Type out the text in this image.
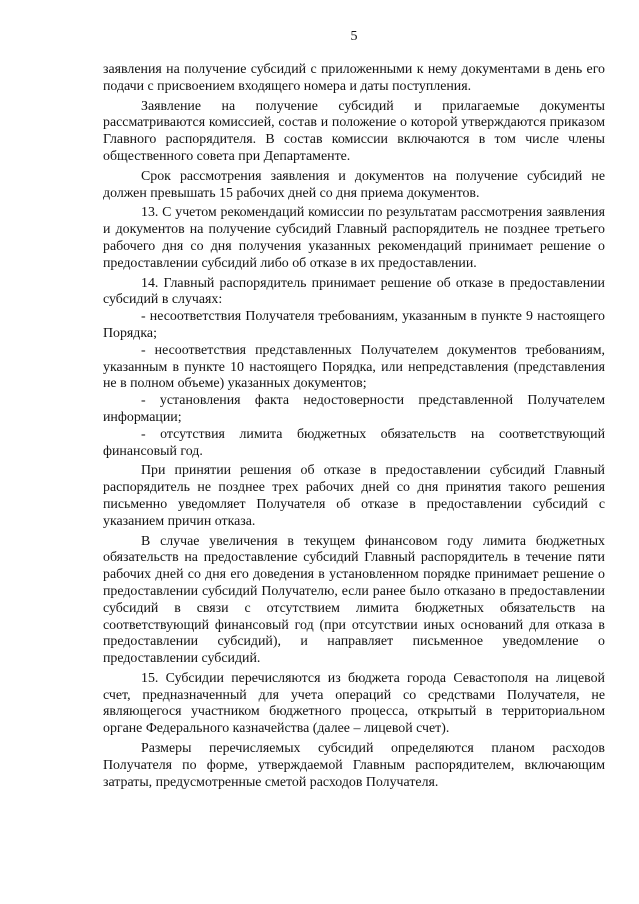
5

заявления на получение субсидий с приложенными к нему документами в день его подачи с присвоением входящего номера и даты поступления.

Заявление на получение субсидий и прилагаемые документы рассматриваются комиссией, состав и положение о которой утверждаются приказом Главного распорядителя. В состав комиссии включаются в том числе члены общественного совета при Департаменте.

Срок рассмотрения заявления и документов на получение субсидий не должен превышать 15 рабочих дней со дня приема документов.

13. С учетом рекомендаций комиссии по результатам рассмотрения заявления и документов на получение субсидий Главный распорядитель не позднее третьего рабочего дня со дня получения указанных рекомендаций принимает решение о предоставлении субсидий либо об отказе в их предоставлении.

14. Главный распорядитель принимает решение об отказе в предоставлении субсидий в случаях:

- несоответствия Получателя требованиям, указанным в пункте 9 настоящего Порядка;

- несоответствия представленных Получателем документов требованиям, указанным в пункте 10 настоящего Порядка, или непредставления (представления не в полном объеме) указанных документов;

- установления факта недостоверности представленной Получателем информации;

- отсутствия лимита бюджетных обязательств на соответствующий финансовый год.

При принятии решения об отказе в предоставлении субсидий Главный распорядитель не позднее трех рабочих дней со дня принятия такого решения письменно уведомляет Получателя об отказе в предоставлении субсидий с указанием причин отказа.

В случае увеличения в текущем финансовом году лимита бюджетных обязательств на предоставление субсидий Главный распорядитель в течение пяти рабочих дней со дня его доведения в установленном порядке принимает решение о предоставлении субсидий Получателю, если ранее было отказано в предоставлении субсидий в связи с отсутствием лимита бюджетных обязательств на соответствующий финансовый год (при отсутствии иных оснований для отказа в предоставлении субсидий), и направляет письменное уведомление о предоставлении субсидий.

15. Субсидии перечисляются из бюджета города Севастополя на лицевой счет, предназначенный для учета операций со средствами Получателя, не являющегося участником бюджетного процесса, открытый в территориальном органе Федерального казначейства (далее – лицевой счет).

Размеры перечисляемых субсидий определяются планом расходов Получателя по форме, утверждаемой Главным распорядителем, включающим затраты, предусмотренные сметой расходов Получателя.
